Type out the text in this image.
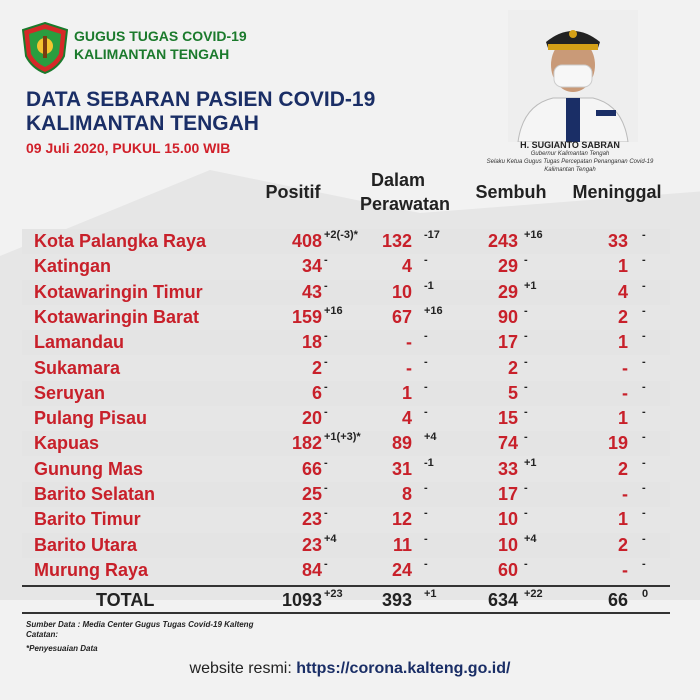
GUGUS TUGAS COVID-19
KALIMANTAN TENGAH
DATA SEBARAN PASIEN COVID-19
KALIMANTAN TENGAH
09 Juli 2020, PUKUL 15.00 WIB	H. SUGIANTO SABRAN
Gubernur Kalimantan Tengah
Selaku Ketua Gugus Tugas Percepatan Penanganan Covid-19
Kalimantan Tengah
Positif
Dalam
Perawatan
Sembuh	Meninggal
Kota Palangka Raya	408 +2(-3)*	132 -17	243 +16	33 -
Katingan	34 -	4 -	29 -	1 -
Kotawaringin Timur	43 -	10 -1	29 +1	4 -
Kotawaringin Barat	159 +16	67 +16	90 -	2 -
Lamandau	18 -	- -	17 -	1 -
Sukamara	2 -	- -	2 -	- -
Seruyan	6 -	1 -	5 -	- -
Pulang Pisau	20 -	4 -	15 -	1 -
Kapuas	182 +1(+3)*	89 +4	74 -	19 -
Gunung Mas	66 -	31 -1	33 +1	2 -
Barito Selatan	25 -	8 -	17 -	- -
Barito Timur	23 -	12 -	10 -	1 -
Barito Utara	23 +4	11 -	10 +4	2 -
Murung Raya	84 -	24 -	60 -	- -
TOTAL	1093 +23	393 +1	634 +22	66 0
Sumber Data : Media Center Gugus Tugas Covid-19 Kalteng
Catatan:
*Penyesuaian Data
website resmi: https://corona.kalteng.go.id/
